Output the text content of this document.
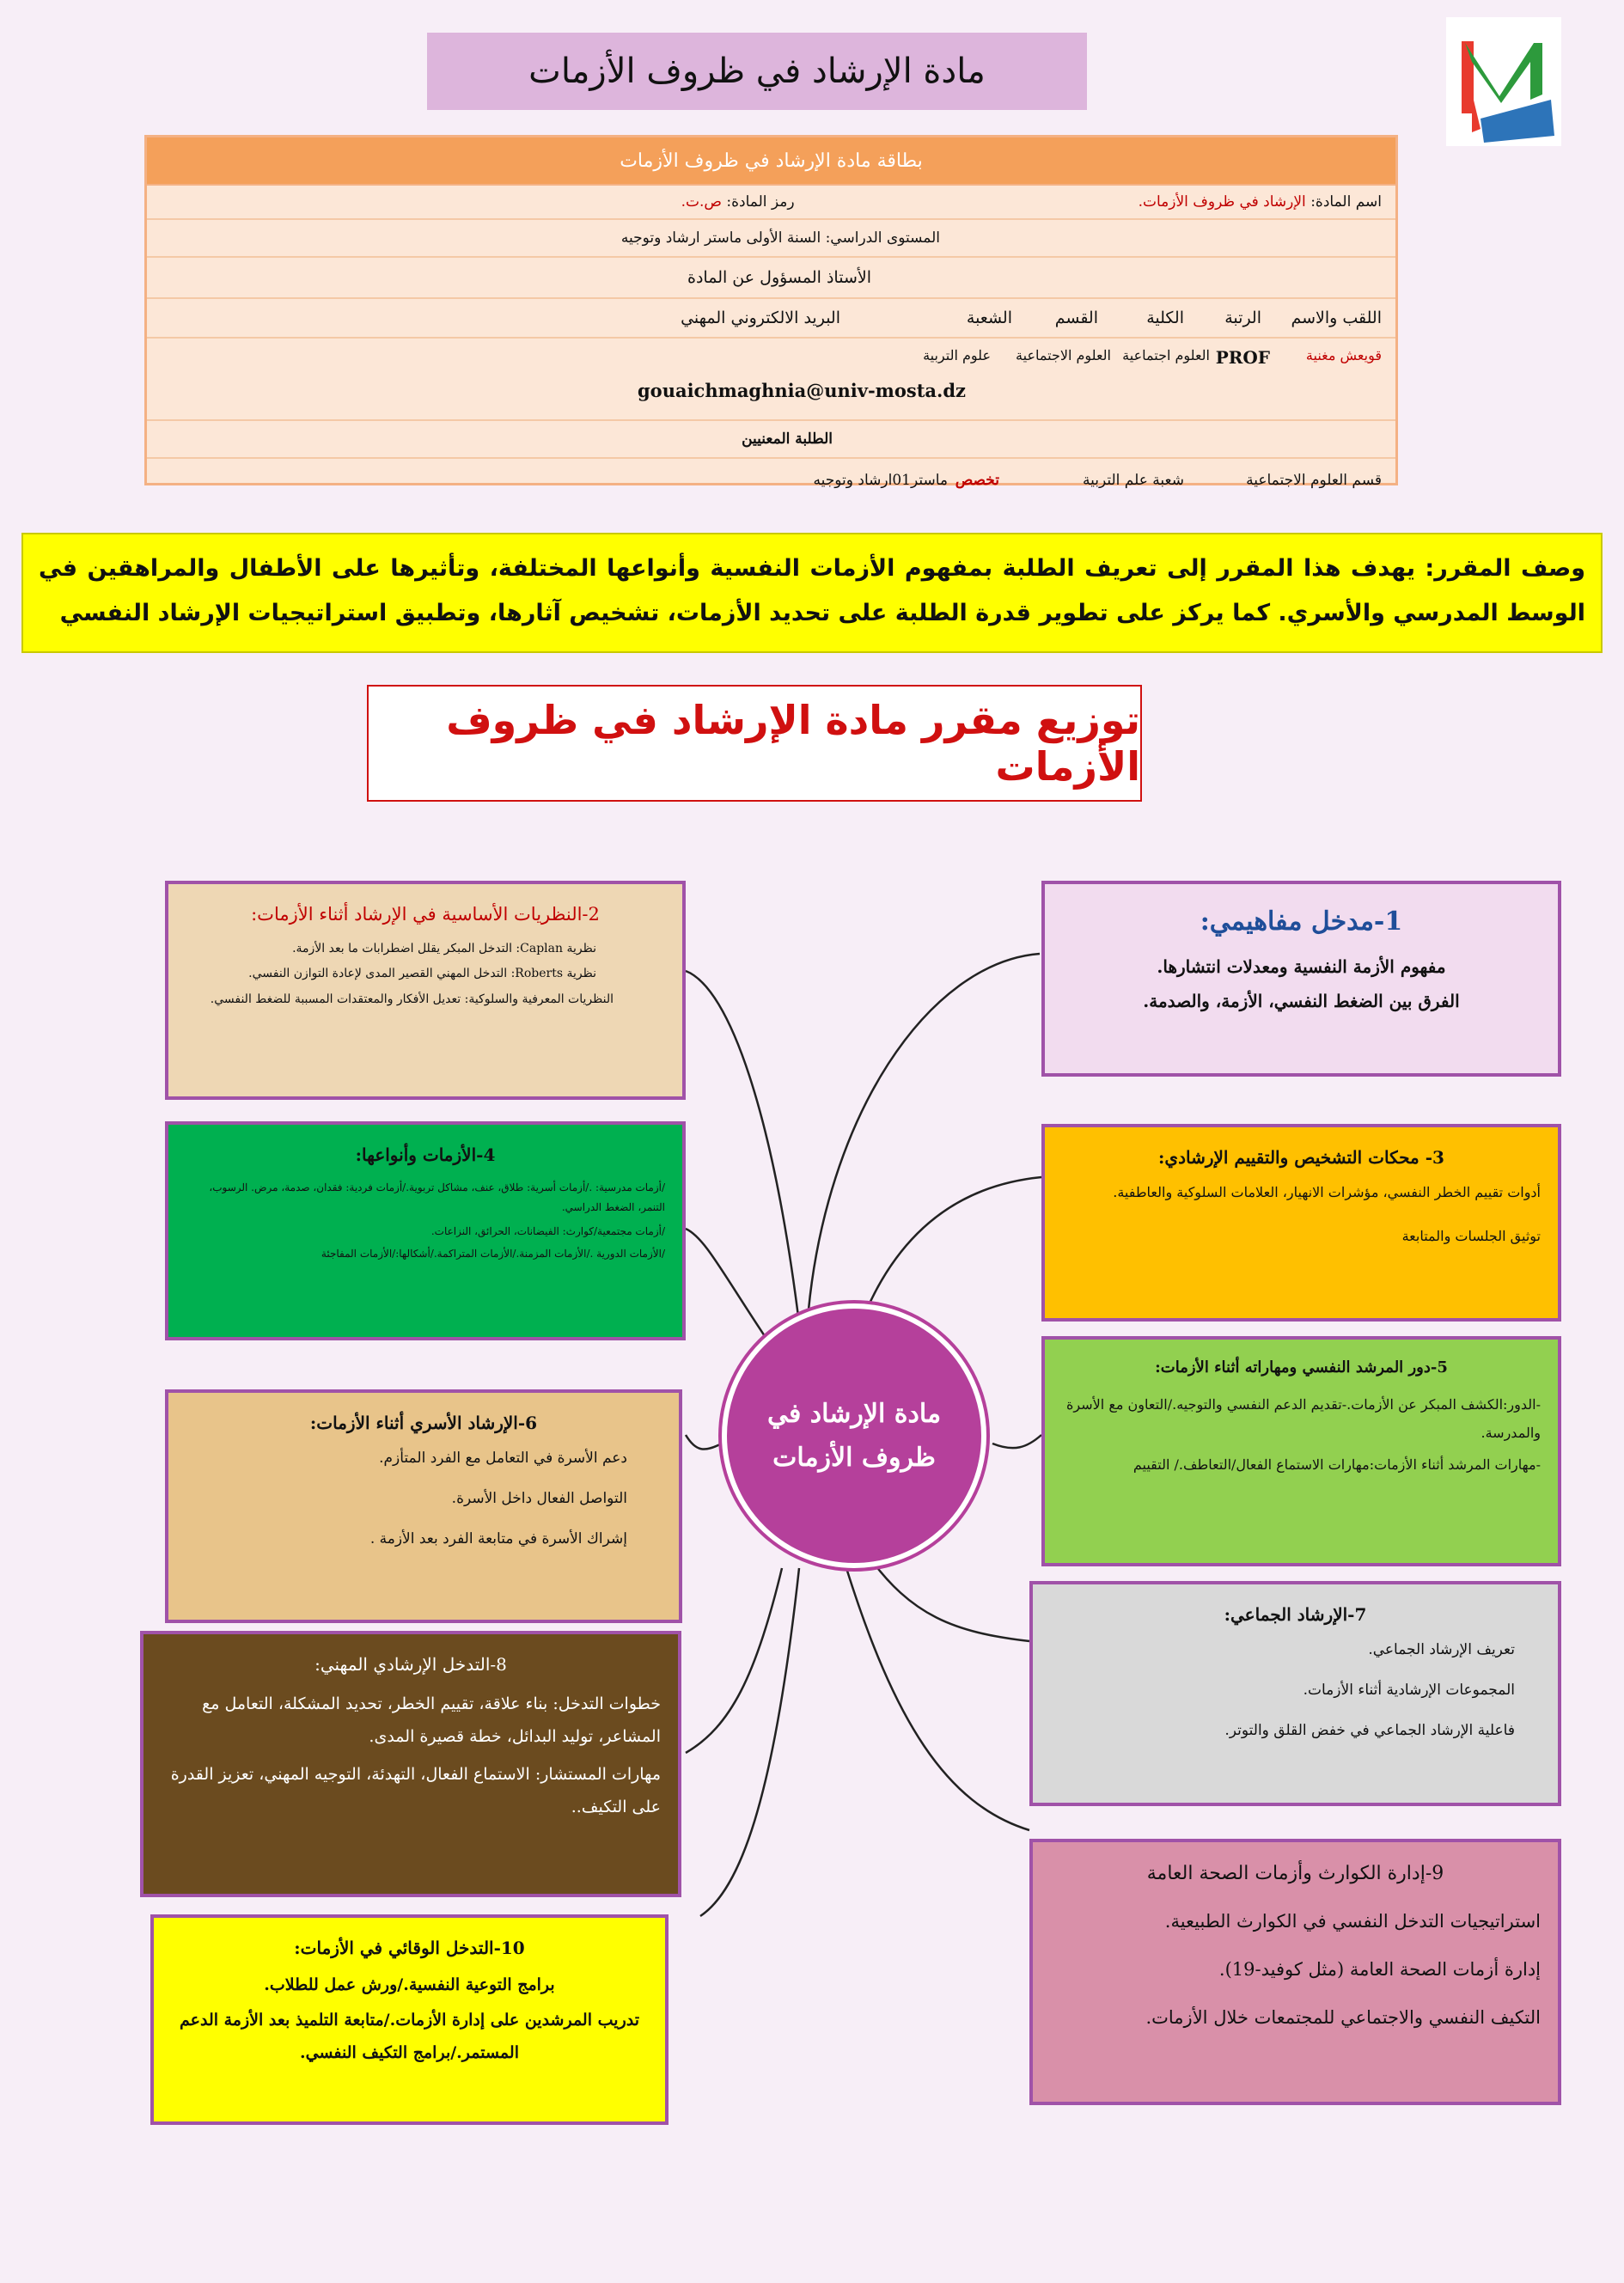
مادة الإرشاد في ظروف الأزمات
بطاقة مادة الإرشاد في ظروف الأزمات
اسم المادة: الإرشاد في ظروف الأزمات.
رمز المادة: ص.ت.
المستوى الدراسي: السنة الأولى ماستر ارشاد وتوجيه
الأستاذ المسؤول عن المادة
اللقب والاسم
الرتبة
الكلية
القسم
الشعبة
البريد الالكتروني المهني
قويعش مغنية
PROF
العلوم اجتماعية
العلوم الاجتماعية
علوم التربية
gouaichmaghnia@univ-mosta.dz
الطلبة المعنيين
قسم العلوم الاجتماعية
شعبة علم التربية
تخصص
ماستر01ارشاد وتوجيه
وصف المقرر: يهدف هذا المقرر إلى تعريف الطلبة بمفهوم الأزمات النفسية وأنواعها المختلفة، وتأثيرها على الأطفال والمراهقين في الوسط المدرسي والأسري. كما يركز على تطوير قدرة الطلبة على تحديد الأزمات، تشخيص آثارها، وتطبيق استراتيجيات الإرشاد النفسي
توزيع مقرر مادة الإرشاد في ظروف الأزمات
مادة الإرشاد في ظروف الأزمات
1-مدخل مفاهيمي:

مفهوم الأزمة النفسية ومعدلات انتشارها.

الفرق بين الضغط النفسي، الأزمة، والصدمة.

2-النظريات الأساسية في الإرشاد أثناء الأزمات:

نظرية Caplan: التدخل المبكر يقلل اضطرابات ما بعد الأزمة.

نظرية Roberts: التدخل المهني القصير المدى لإعادة التوازن النفسي.

النظريات المعرفية والسلوكية: تعديل الأفكار والمعتقدات المسببة للضغط النفسي.

3- محكات التشخيص والتقييم الإرشادي:

أدوات تقييم الخطر النفسي، مؤشرات الانهيار، العلامات السلوكية والعاطفية.

توثيق الجلسات والمتابعة

4-الأزمات وأنواعها:

/أزمات مدرسية: ./أزمات أسرية: طلاق، عنف، مشاكل تربوية./أزمات فردية: فقدان، صدمة، مرض. الرسوب، التنمر، الضغط الدراسي.

/أزمات مجتمعية/كوارث: الفيضانات، الحرائق، النزاعات.

/الأزمات الدورية ./الأزمات المزمنة./الأزمات المتراكمة./أشكالها:/الأزمات المفاجئة

5-دور المرشد النفسي ومهاراته أثناء الأزمات:

-الدور:الكشف المبكر عن الأزمات.-تقديم الدعم النفسي والتوجيه./التعاون مع الأسرة والمدرسة.

-مهارات المرشد أثناء الأزمات:مهارات الاستماع الفعال/التعاطف./ التقييم

6-الإرشاد الأسري أثناء الأزمات:

دعم الأسرة في التعامل مع الفرد المتأزم.

التواصل الفعال داخل الأسرة.

إشراك الأسرة في متابعة الفرد بعد الأزمة .

7-الإرشاد الجماعي:

تعريف الإرشاد الجماعي.

المجموعات الإرشادية أثناء الأزمات.

فاعلية الإرشاد الجماعي في خفض القلق والتوتر.

8-التدخل الإرشادي المهني:

خطوات التدخل: بناء علاقة، تقييم الخطر، تحديد المشكلة، التعامل مع المشاعر، توليد البدائل، خطة قصيرة المدى.

مهارات المستشار: الاستماع الفعال، التهدئة، التوجيه المهني، تعزيز القدرة على التكيف..

9-إدارة الكوارث وأزمات الصحة العامة

استراتيجيات التدخل النفسي في الكوارث الطبيعية.

إدارة أزمات الصحة العامة (مثل كوفيد-19).

التكيف النفسي والاجتماعي للمجتمعات خلال الأزمات.

10-التدخل الوقائي في الأزمات:

برامج التوعية النفسية./ورش عمل للطلاب.

تدريب المرشدين على إدارة الأزمات./متابعة التلميذ بعد الأزمة الدعم المستمر./برامج التكيف النفسي.
